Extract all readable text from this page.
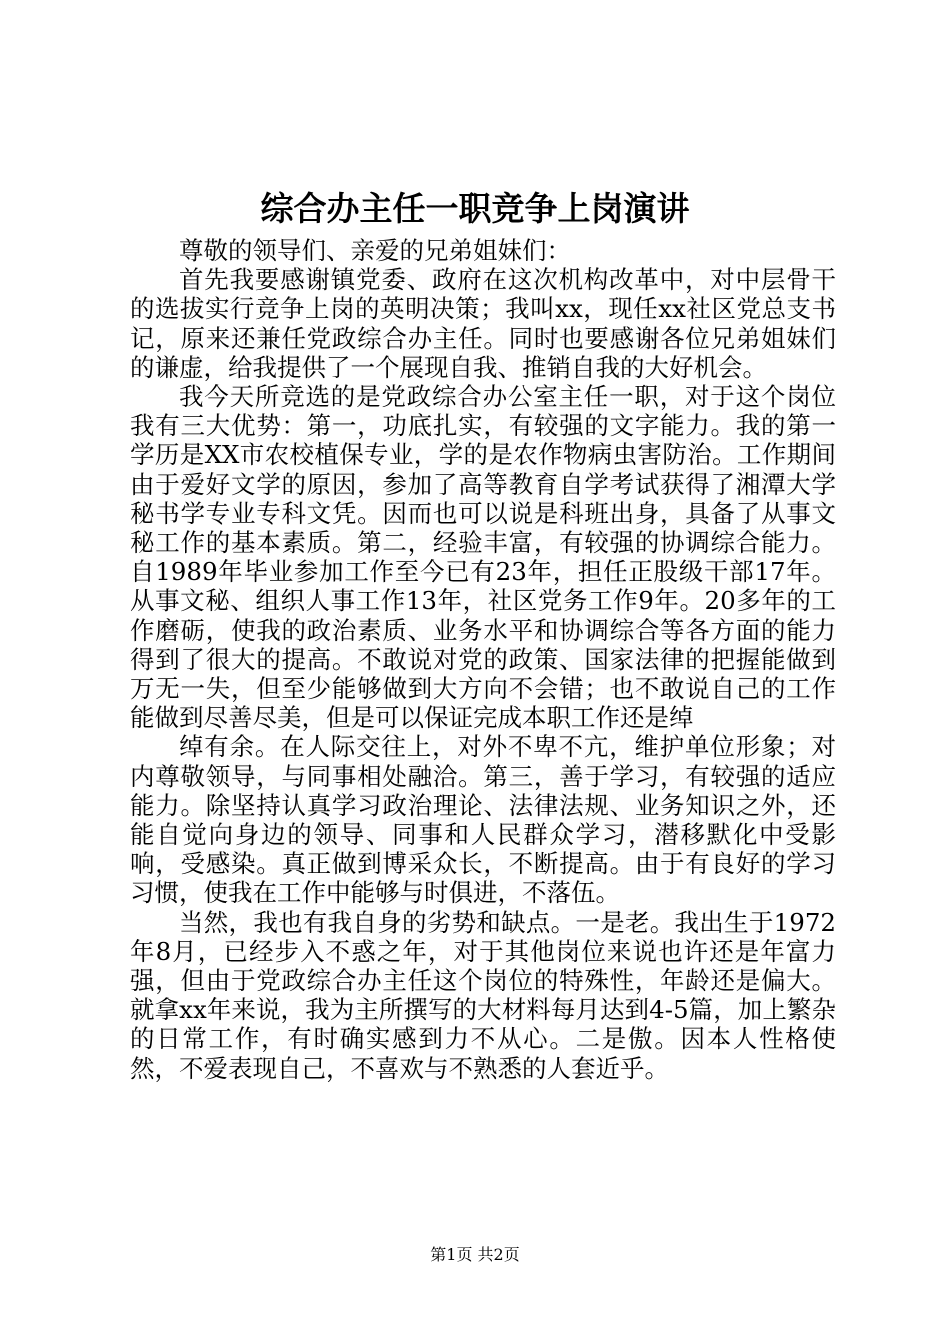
综合办主任一职竞争上岗演讲

尊敬的领导们、亲爱的兄弟姐妹们：

首先我要感谢镇党委、政府在这次机构改革中，对中层骨干的选拔实行竞争上岗的英明决策；我叫xx，现任xx社区党总支书记，原来还兼任党政综合办主任。同时也要感谢各位兄弟姐妹们的谦虚，给我提供了一个展现自我、推销自我的大好机会。

我今天所竞选的是党政综合办公室主任一职，对于这个岗位我有三大优势：第一，功底扎实，有较强的文字能力。我的第一学历是XX市农校植保专业，学的是农作物病虫害防治。工作期间由于爱好文学的原因，参加了高等教育自学考试获得了湘潭大学秘书学专业专科文凭。因而也可以说是科班出身，具备了从事文秘工作的基本素质。第二，经验丰富，有较强的协调综合能力。自1989年毕业参加工作至今已有23年，担任正股级干部17年。从事文秘、组织人事工作13年，社区党务工作9年。20多年的工作磨砺，使我的政治素质、业务水平和协调综合等各方面的能力得到了很大的提高。不敢说对党的政策、国家法律的把握能做到万无一失，但至少能够做到大方向不会错；也不敢说自己的工作能做到尽善尽美，但是可以保证完成本职工作还是绰

绰有余。在人际交往上，对外不卑不亢，维护单位形象；对内尊敬领导，与同事相处融洽。第三，善于学习，有较强的适应能力。除坚持认真学习政治理论、法律法规、业务知识之外，还能自觉向身边的领导、同事和人民群众学习，潜移默化中受影响，受感染。真正做到博采众长，不断提高。由于有良好的学习习惯，使我在工作中能够与时俱进，不落伍。

当然，我也有我自身的劣势和缺点。一是老。我出生于1972年8月，已经步入不惑之年，对于其他岗位来说也许还是年富力强，但由于党政综合办主任这个岗位的特殊性，年龄还是偏大。就拿xx年来说，我为主所撰写的大材料每月达到4-5篇，加上繁杂的日常工作，有时确实感到力不从心。二是傲。因本人性格使然，不爱表现自己，不喜欢与不熟悉的人套近乎。

第1页 共2页
